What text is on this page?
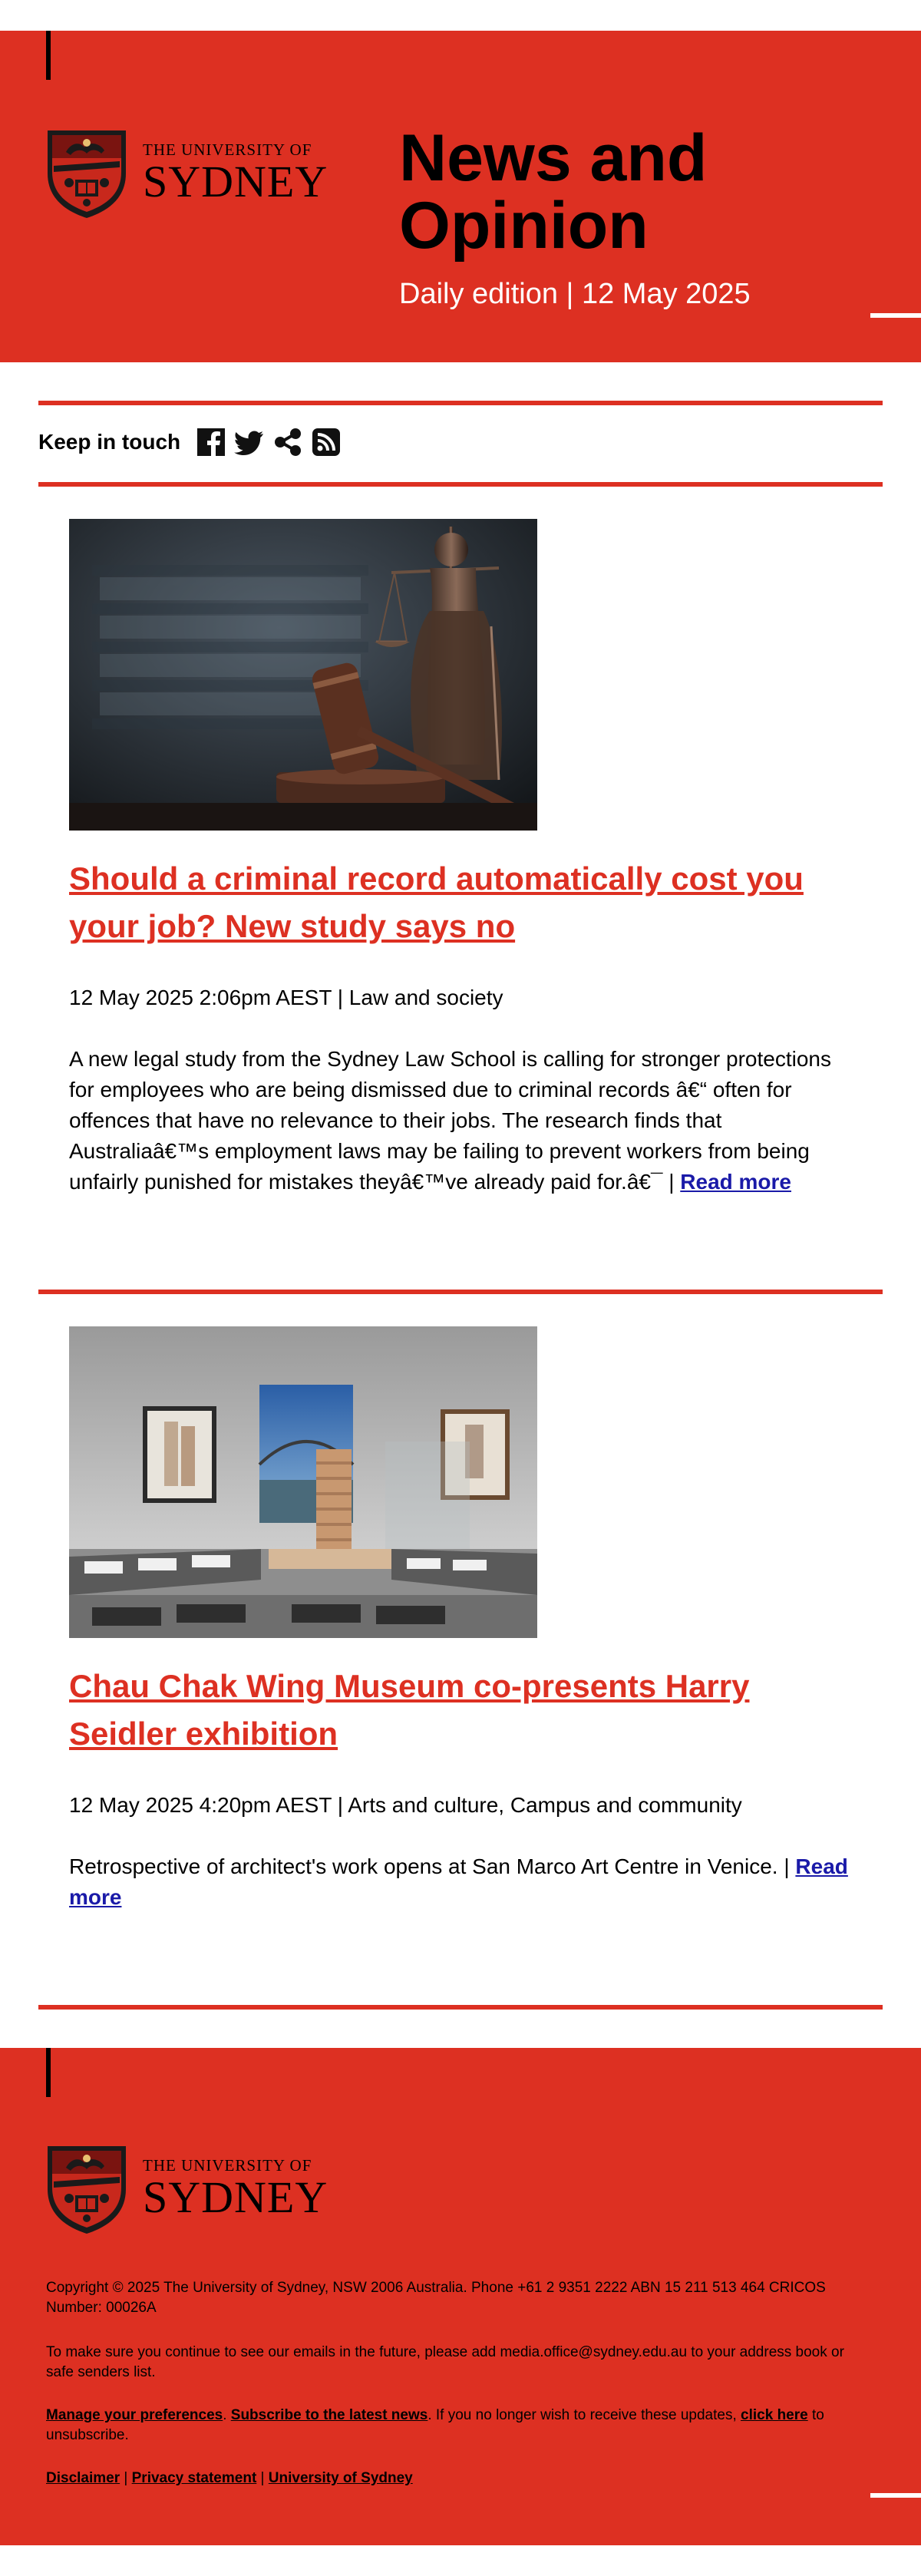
THE UNIVERSITY OF
SYDNEY News and Opinion
Daily edition | 12 May 2025
Keep in touch
Should a criminal record automatically cost you your job? New study says no
12 May 2025 2:06pm AEST | Law and society

A new legal study from the Sydney Law School is calling for stronger protections for employees who are being dismissed due to criminal records â€“ often for offences that have no relevance to their jobs. The research finds that Australiaâ€™s employment laws may be failing to prevent workers from being unfairly punished for mistakes theyâ€™ve already paid for.â€¯ | Read more

Chau Chak Wing Museum co-presents Harry Seidler exhibition
12 May 2025 4:20pm AEST | Arts and culture, Campus and community

Retrospective of architect's work opens at San Marco Art Centre in Venice. | Read more

THE UNIVERSITY OF
SYDNEY

Copyright © 2025 The University of Sydney, NSW 2006 Australia. Phone +61 2 9351 2222 ABN 15 211 513 464 CRICOS Number: 00026A

To make sure you continue to see our emails in the future, please add media.office@sydney.edu.au to your address book or safe senders list.

Manage your preferences. Subscribe to the latest news. If you no longer wish to receive these updates, click here to unsubscribe.

Disclaimer | Privacy statement | University of Sydney
